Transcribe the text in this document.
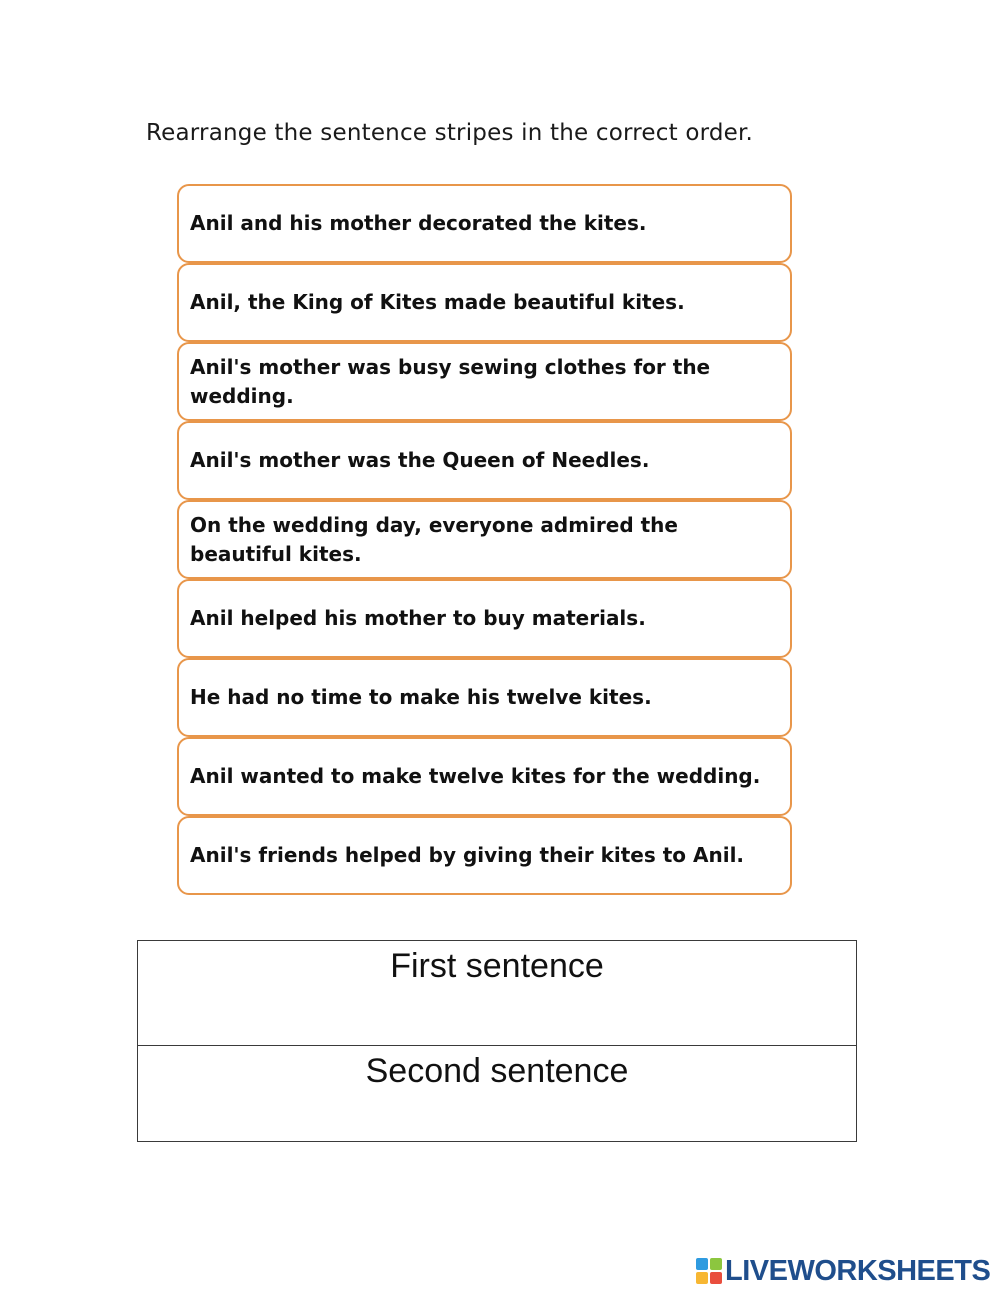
Rearrange the sentence stripes in the correct order.
Anil and his mother decorated the kites.
Anil, the King of Kites made beautiful kites.
Anil's mother was busy sewing clothes for the wedding.
Anil's mother was the Queen of Needles.
On the wedding day, everyone admired the beautiful kites.
Anil helped his mother to buy materials.
He had no time to make his twelve kites.
Anil wanted to make twelve kites for the wedding.
Anil's friends helped by giving their kites to Anil.
First sentence
Second sentence
LIVEWORKSHEETS
